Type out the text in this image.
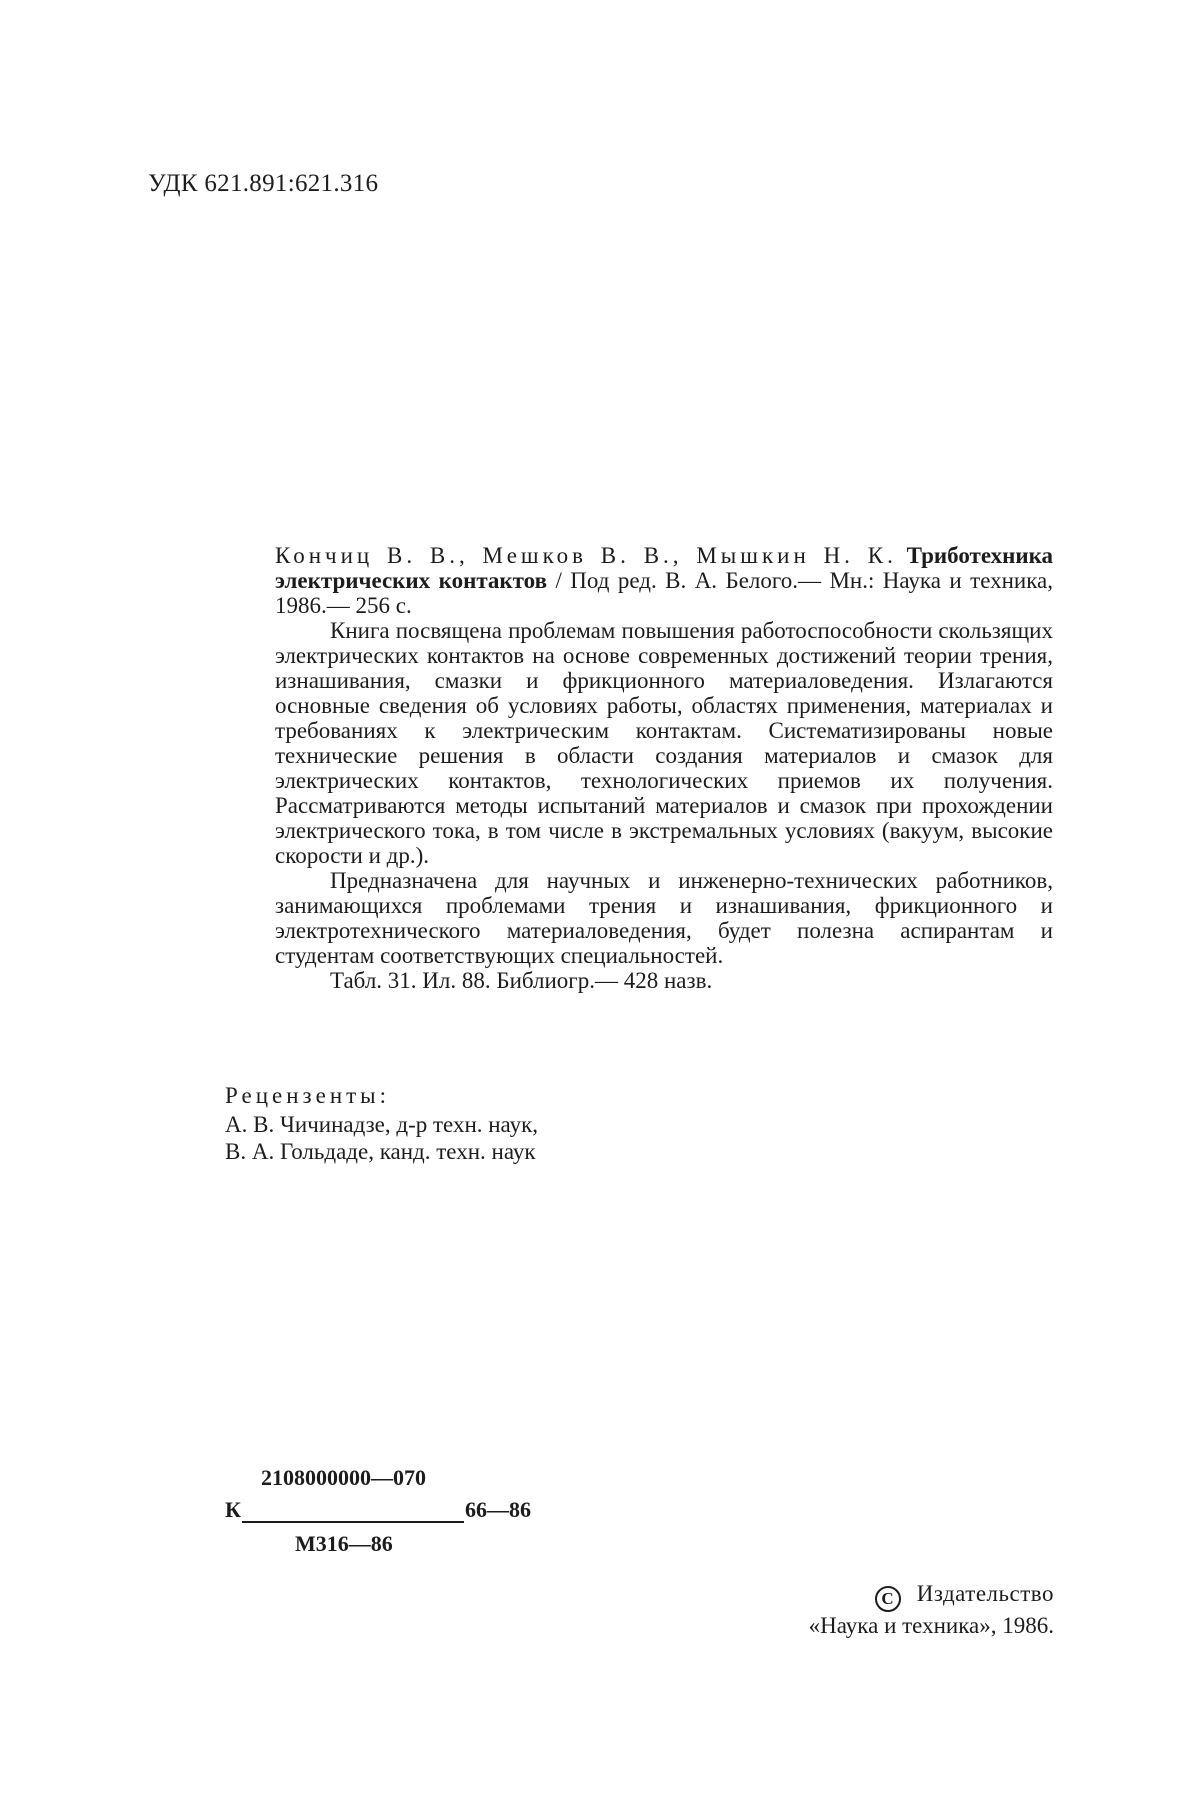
УДК 621.891:621.316

Кончиц В. В., Мешков В. В., Мышкин Н. К. Триботехника электрических контактов / Под ред. В. А. Белого.— Мн.: Наука и техника, 1986.— 256 с.

Книга посвящена проблемам повышения работоспособности скользящих электрических контактов на основе современных достижений теории трения, изнашивания, смазки и фрикционного материаловедения. Излагаются основные сведения об условиях работы, областях применения, материалах и требованиях к электрическим контактам. Систематизированы новые технические решения в области создания материалов и смазок для электрических контактов, технологических приемов их получения. Рассматриваются методы испытаний материалов и смазок при прохождении электрического тока, в том числе в экстремальных условиях (вакуум, высокие скорости и др.).

Предназначена для научных и инженерно-технических работников, занимающихся проблемами трения и изнашивания, фрикционного и электротехнического материаловедения, будет полезна аспирантам и студентам соответствующих специальностей.

Табл. 31. Ил. 88. Библиогр.— 428 назв.

Рецензенты:
А. В. Чичинадзе, д-р техн. наук,
В. А. Гольдаде, канд. техн. наук
2108000000—070
К	66—86
М316—86
C Издательство
«Наука и техника», 1986.
